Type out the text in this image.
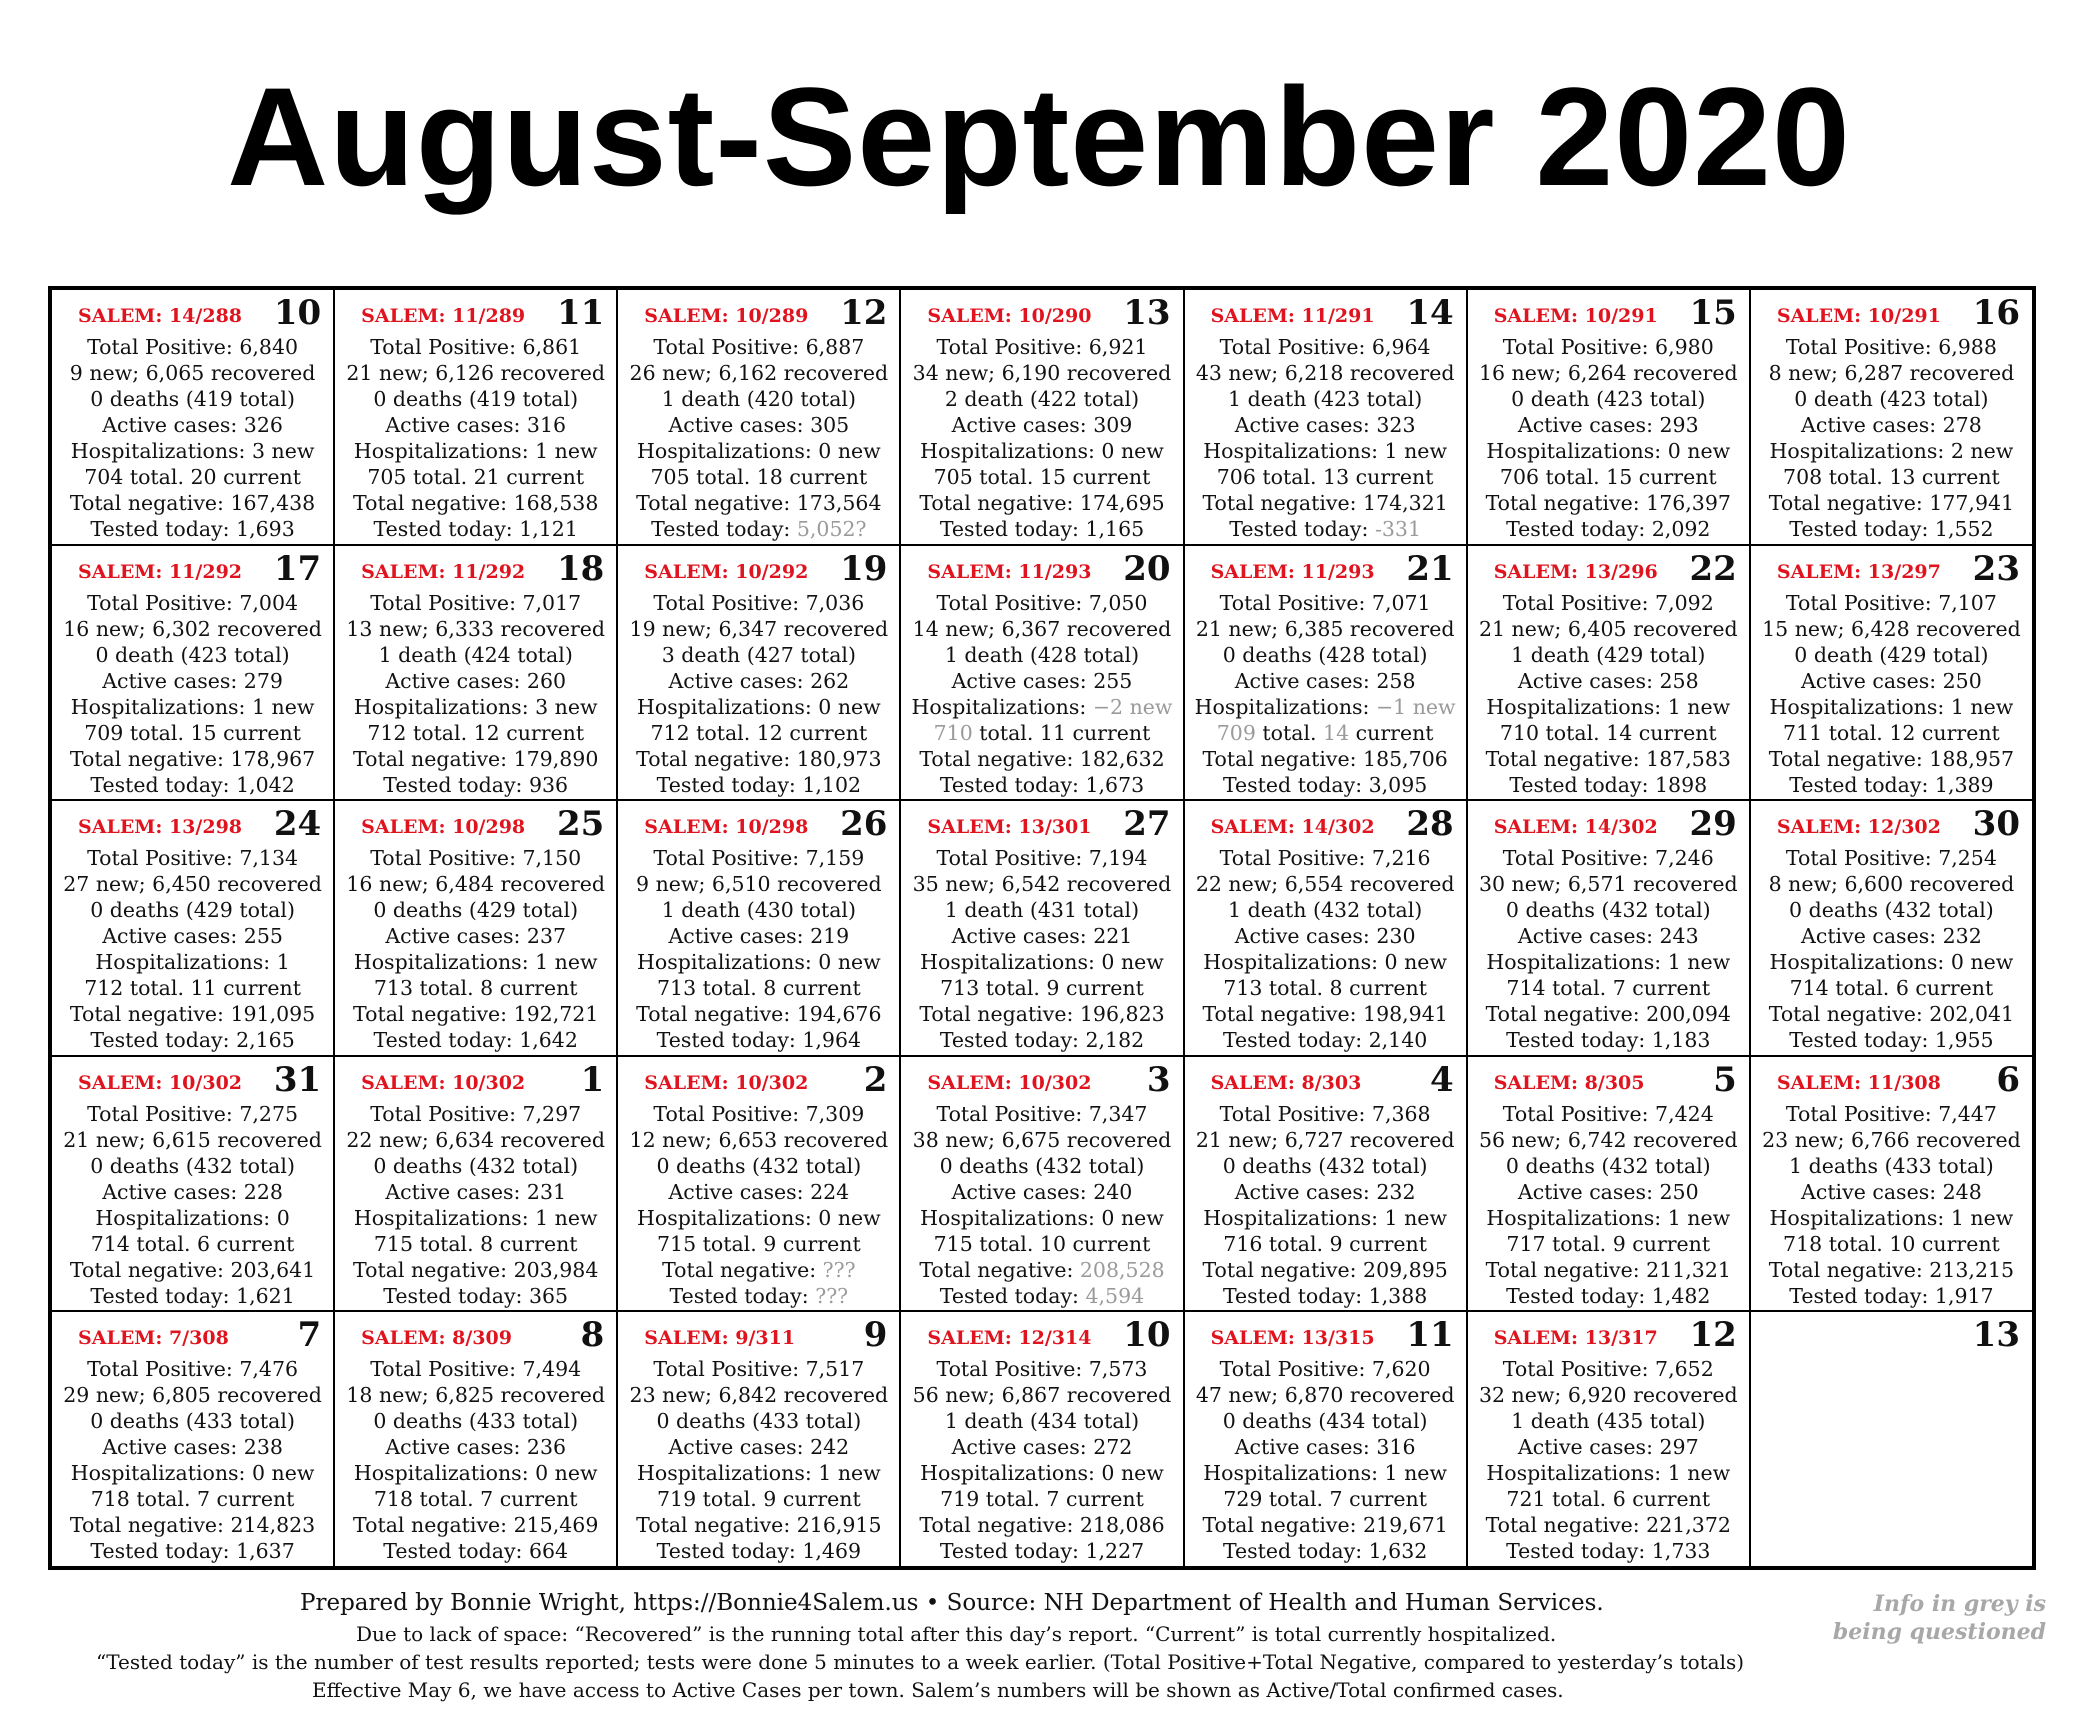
August-September 2020
SALEM: 14/288 10
Total Positive: 6,840
9 new; 6,065 recovered
0 deaths (419 total)
Active cases: 326
Hospitalizations: 3 new
704 total. 20 current
Total negative: 167,438
Tested today: 1,693
SALEM: 11/289 11
Total Positive: 6,861
21 new; 6,126 recovered
0 deaths (419 total)
Active cases: 316
Hospitalizations: 1 new
705 total. 21 current
Total negative: 168,538
Tested today: 1,121
SALEM: 10/289 12
Total Positive: 6,887
26 new; 6,162 recovered
1 death (420 total)
Active cases: 305
Hospitalizations: 0 new
705 total. 18 current
Total negative: 173,564
Tested today: 5,052?
SALEM: 10/290 13
Total Positive: 6,921
34 new; 6,190 recovered
2 death (422 total)
Active cases: 309
Hospitalizations: 0 new
705 total. 15 current
Total negative: 174,695
Tested today: 1,165
SALEM: 11/291 14
Total Positive: 6,964
43 new; 6,218 recovered
1 death (423 total)
Active cases: 323
Hospitalizations: 1 new
706 total. 13 current
Total negative: 174,321
Tested today: -331
SALEM: 10/291 15
Total Positive: 6,980
16 new; 6,264 recovered
0 death (423 total)
Active cases: 293
Hospitalizations: 0 new
706 total. 15 current
Total negative: 176,397
Tested today: 2,092
SALEM: 10/291 16
Total Positive: 6,988
8 new; 6,287 recovered
0 death (423 total)
Active cases: 278
Hospitalizations: 2 new
708 total. 13 current
Total negative: 177,941
Tested today: 1,552
SALEM: 11/292 17
Total Positive: 7,004
16 new; 6,302 recovered
0 death (423 total)
Active cases: 279
Hospitalizations: 1 new
709 total. 15 current
Total negative: 178,967
Tested today: 1,042
SALEM: 11/292 18
Total Positive: 7,017
13 new; 6,333 recovered
1 death (424 total)
Active cases: 260
Hospitalizations: 3 new
712 total. 12 current
Total negative: 179,890
Tested today: 936
SALEM: 10/292 19
Total Positive: 7,036
19 new; 6,347 recovered
3 death (427 total)
Active cases: 262
Hospitalizations: 0 new
712 total. 12 current
Total negative: 180,973
Tested today: 1,102
SALEM: 11/293 20
Total Positive: 7,050
14 new; 6,367 recovered
1 death (428 total)
Active cases: 255
Hospitalizations: −2 new
710 total. 11 current
Total negative: 182,632
Tested today: 1,673
SALEM: 11/293 21
Total Positive: 7,071
21 new; 6,385 recovered
0 deaths (428 total)
Active cases: 258
Hospitalizations: −1 new
709 total. 14 current
Total negative: 185,706
Tested today: 3,095
SALEM: 13/296 22
Total Positive: 7,092
21 new; 6,405 recovered
1 death (429 total)
Active cases: 258
Hospitalizations: 1 new
710 total. 14 current
Total negative: 187,583
Tested today: 1898
SALEM: 13/297 23
Total Positive: 7,107
15 new; 6,428 recovered
0 death (429 total)
Active cases: 250
Hospitalizations: 1 new
711 total. 12 current
Total negative: 188,957
Tested today: 1,389
SALEM: 13/298 24
Total Positive: 7,134
27 new; 6,450 recovered
0 deaths (429 total)
Active cases: 255
Hospitalizations: 1
712 total. 11 current
Total negative: 191,095
Tested today: 2,165
SALEM: 10/298 25
Total Positive: 7,150
16 new; 6,484 recovered
0 deaths (429 total)
Active cases: 237
Hospitalizations: 1 new
713 total. 8 current
Total negative: 192,721
Tested today: 1,642
SALEM: 10/298 26
Total Positive: 7,159
9 new; 6,510 recovered
1 death (430 total)
Active cases: 219
Hospitalizations: 0 new
713 total. 8 current
Total negative: 194,676
Tested today: 1,964
SALEM: 13/301 27
Total Positive: 7,194
35 new; 6,542 recovered
1 death (431 total)
Active cases: 221
Hospitalizations: 0 new
713 total. 9 current
Total negative: 196,823
Tested today: 2,182
SALEM: 14/302 28
Total Positive: 7,216
22 new; 6,554 recovered
1 death (432 total)
Active cases: 230
Hospitalizations: 0 new
713 total. 8 current
Total negative: 198,941
Tested today: 2,140
SALEM: 14/302 29
Total Positive: 7,246
30 new; 6,571 recovered
0 deaths (432 total)
Active cases: 243
Hospitalizations: 1 new
714 total. 7 current
Total negative: 200,094
Tested today: 1,183
SALEM: 12/302 30
Total Positive: 7,254
8 new; 6,600 recovered
0 deaths (432 total)
Active cases: 232
Hospitalizations: 0 new
714 total. 6 current
Total negative: 202,041
Tested today: 1,955
SALEM: 10/302 31
Total Positive: 7,275
21 new; 6,615 recovered
0 deaths (432 total)
Active cases: 228
Hospitalizations: 0
714 total. 6 current
Total negative: 203,641
Tested today: 1,621
SALEM: 10/302 1
Total Positive: 7,297
22 new; 6,634 recovered
0 deaths (432 total)
Active cases: 231
Hospitalizations: 1 new
715 total. 8 current
Total negative: 203,984
Tested today: 365
SALEM: 10/302 2
Total Positive: 7,309
12 new; 6,653 recovered
0 deaths (432 total)
Active cases: 224
Hospitalizations: 0 new
715 total. 9 current
Total negative: ???
Tested today: ???
SALEM: 10/302 3
Total Positive: 7,347
38 new; 6,675 recovered
0 deaths (432 total)
Active cases: 240
Hospitalizations: 0 new
715 total. 10 current
Total negative: 208,528
Tested today: 4,594
SALEM: 8/303 4
Total Positive: 7,368
21 new; 6,727 recovered
0 deaths (432 total)
Active cases: 232
Hospitalizations: 1 new
716 total. 9 current
Total negative: 209,895
Tested today: 1,388
SALEM: 8/305 5
Total Positive: 7,424
56 new; 6,742 recovered
0 deaths (432 total)
Active cases: 250
Hospitalizations: 1 new
717 total. 9 current
Total negative: 211,321
Tested today: 1,482
SALEM: 11/308 6
Total Positive: 7,447
23 new; 6,766 recovered
1 deaths (433 total)
Active cases: 248
Hospitalizations: 1 new
718 total. 10 current
Total negative: 213,215
Tested today: 1,917
SALEM: 7/308 7
Total Positive: 7,476
29 new; 6,805 recovered
0 deaths (433 total)
Active cases: 238
Hospitalizations: 0 new
718 total. 7 current
Total negative: 214,823
Tested today: 1,637
SALEM: 8/309 8
Total Positive: 7,494
18 new; 6,825 recovered
0 deaths (433 total)
Active cases: 236
Hospitalizations: 0 new
718 total. 7 current
Total negative: 215,469
Tested today: 664
SALEM: 9/311 9
Total Positive: 7,517
23 new; 6,842 recovered
0 deaths (433 total)
Active cases: 242
Hospitalizations: 1 new
719 total. 9 current
Total negative: 216,915
Tested today: 1,469
SALEM: 12/314 10
Total Positive: 7,573
56 new; 6,867 recovered
1 death (434 total)
Active cases: 272
Hospitalizations: 0 new
719 total. 7 current
Total negative: 218,086
Tested today: 1,227
SALEM: 13/315 11
Total Positive: 7,620
47 new; 6,870 recovered
0 deaths (434 total)
Active cases: 316
Hospitalizations: 1 new
729 total. 7 current
Total negative: 219,671
Tested today: 1,632
SALEM: 13/317 12
Total Positive: 7,652
32 new; 6,920 recovered
1 death (435 total)
Active cases: 297
Hospitalizations: 1 new
721 total. 6 current
Total negative: 221,372
Tested today: 1,733
13
Prepared by Bonnie Wright, https://Bonnie4Salem.us • Source: NH Department of Health and Human Services.
Due to lack of space: “Recovered” is the running total after this day’s report. “Current” is total currently hospitalized.
“Tested today” is the number of test results reported; tests were done 5 minutes to a week earlier. (Total Positive+Total Negative, compared to yesterday’s totals)
Effective May 6, we have access to Active Cases per town. Salem’s numbers will be shown as Active/Total confirmed cases.
Info in grey is
being questioned
